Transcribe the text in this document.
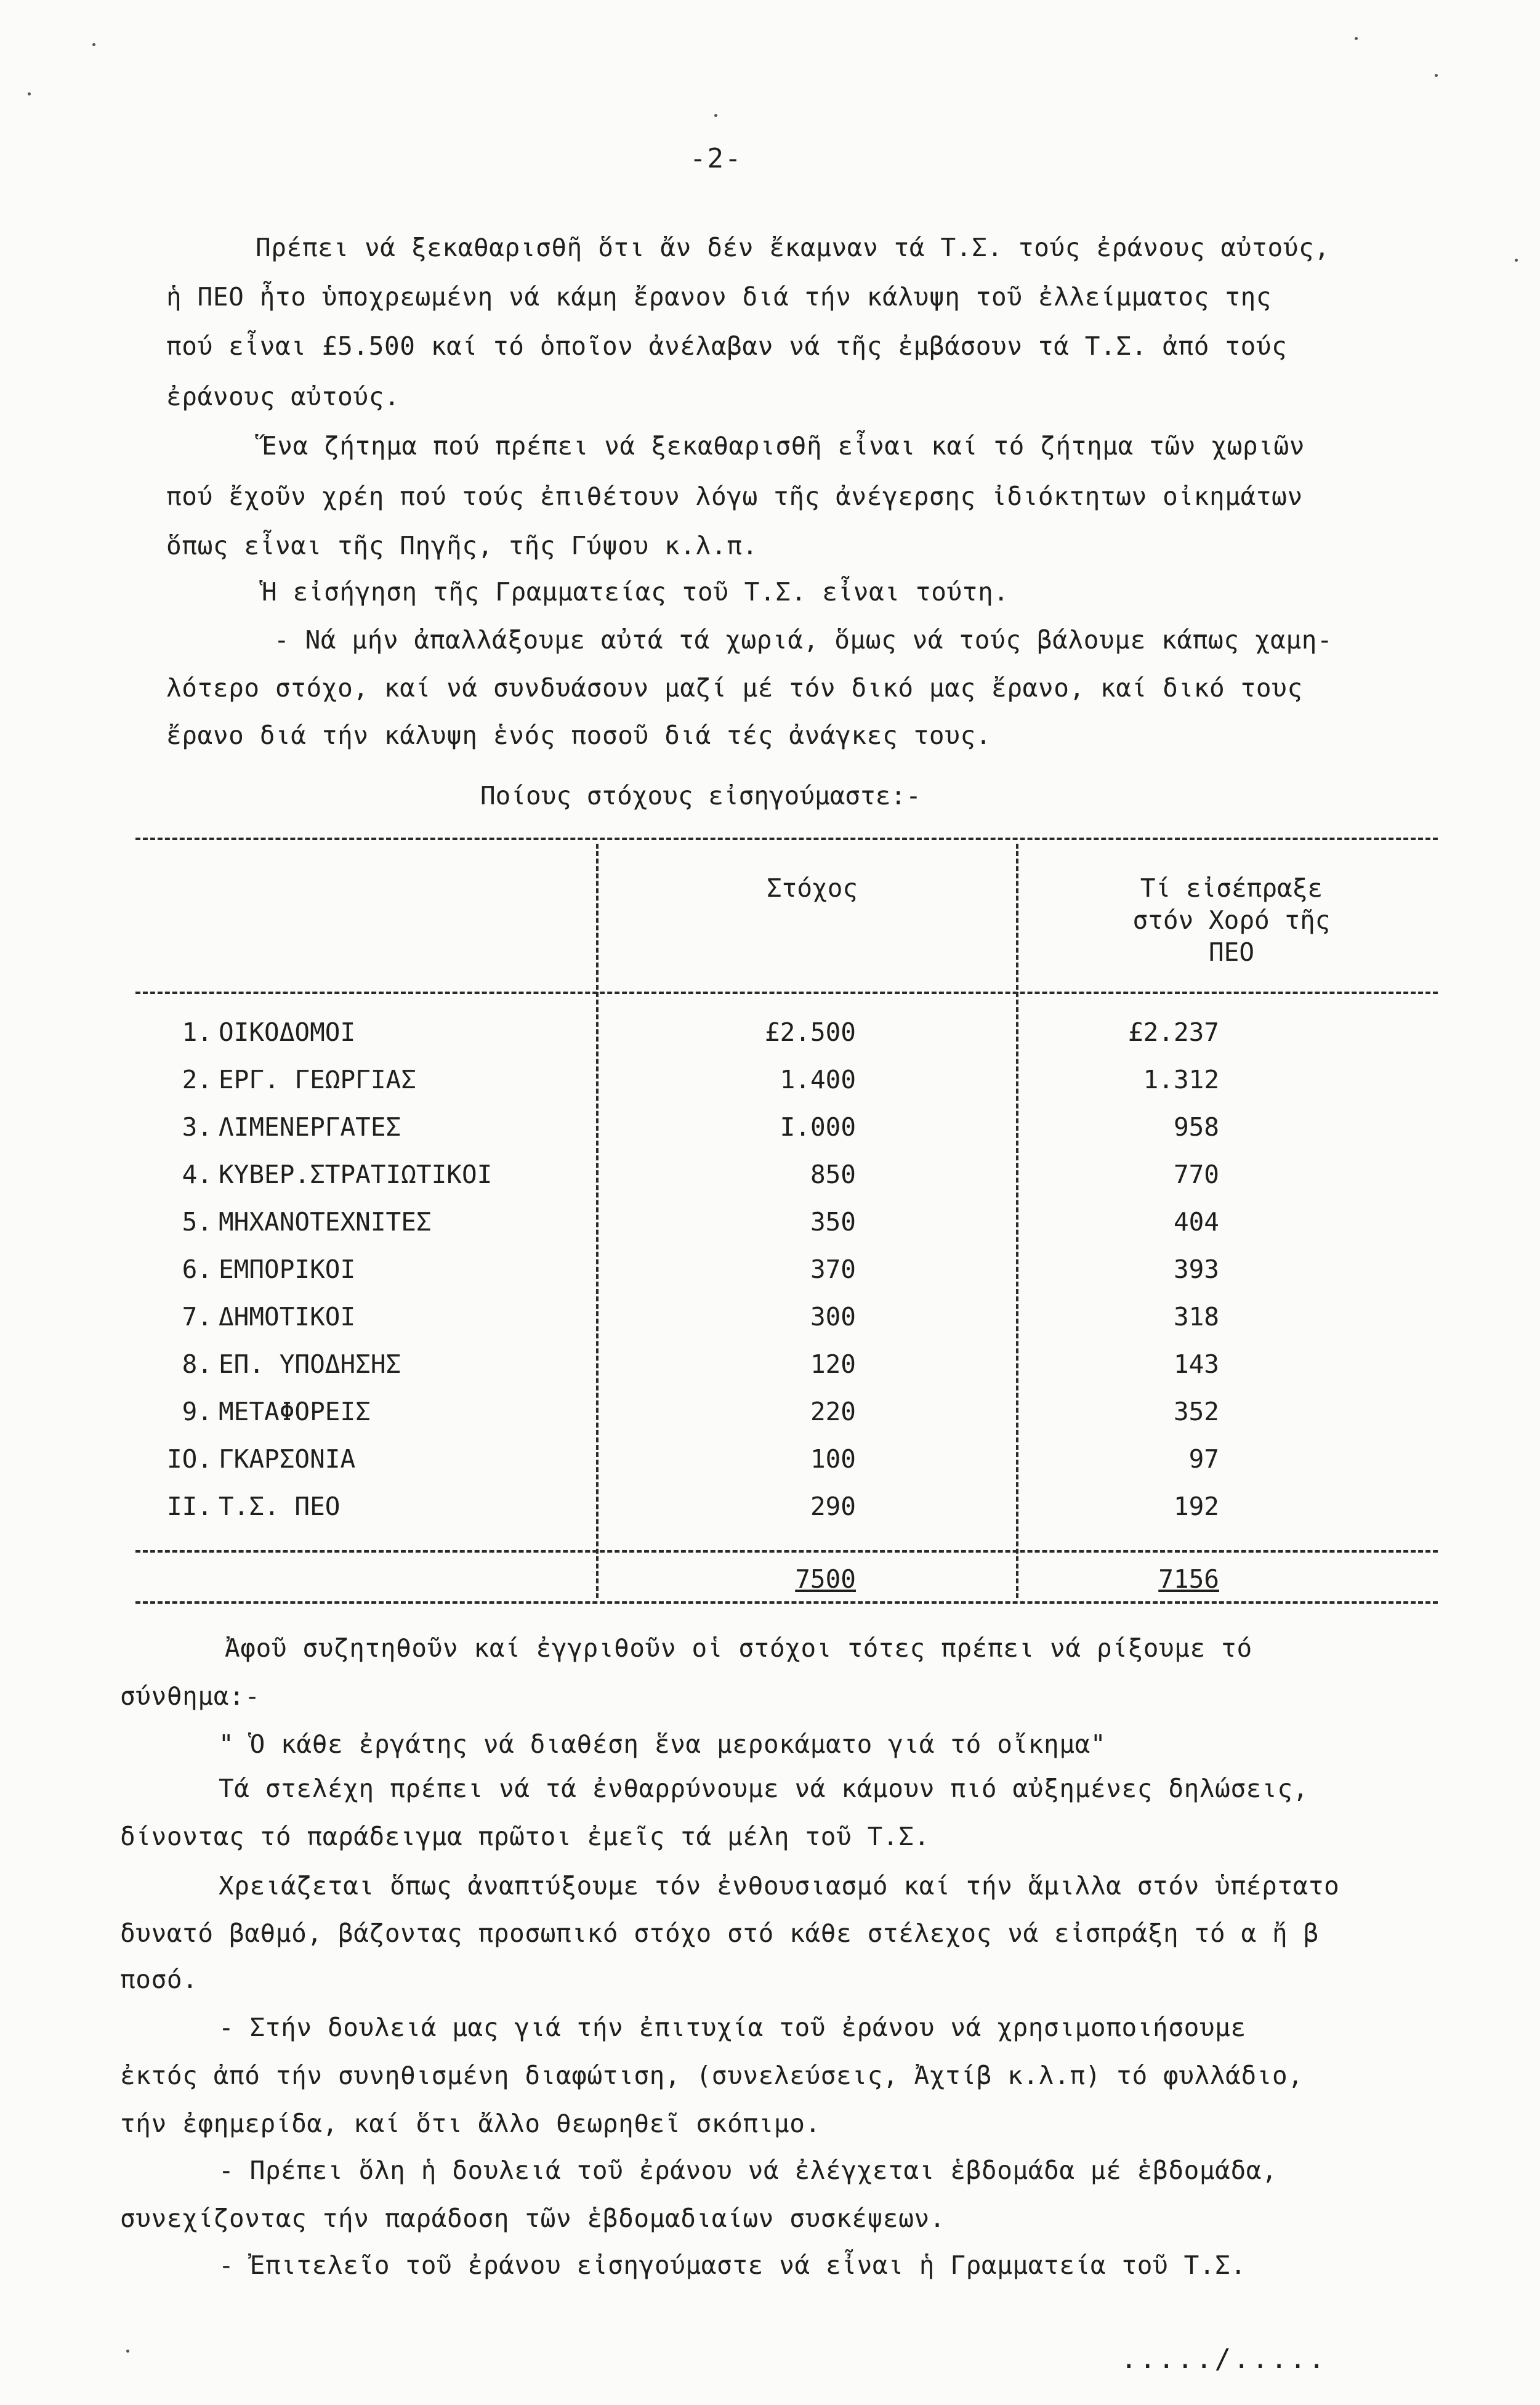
-2-
Πρέπει νά ξεκαθαρισθῆ ὅτι ἄν δέν ἔκαμναν τά Τ.Σ. τούς ἐράνους αὐτούς,
ἡ ΠΕΟ ἦτο ὑποχρεωμένη νά κάμη ἔρανον διά τήν κάλυψη τοῦ ἐλλείμματος της
πού εἶναι £5.500 καί τό ὁποῖον ἀνέλαβαν νά τῆς ἐμβάσουν τά Τ.Σ. ἀπό τούς
ἐράνους αὐτούς.
Ἕνα ζήτημα πού πρέπει νά ξεκαθαρισθῆ εἶναι καί τό ζήτημα τῶν χωριῶν
πού ἔχοῦν χρέη πού τούς ἐπιθέτουν λόγω τῆς ἀνέγερσης ἰδιόκτητων οἰκημάτων
ὅπως εἶναι τῆς Πηγῆς, τῆς Γύψου κ.λ.π.
Ἡ εἰσήγηση τῆς Γραμματείας τοῦ Τ.Σ. εἶναι τούτη.
- Νά μήν ἀπαλλάξουμε αὐτά τά χωριά, ὅμως νά τούς βάλουμε κάπως χαμη-
λότερο στόχο, καί νά συνδυάσουν μαζί μέ τόν δικό μας ἔρανο, καί δικό τους
ἔρανο διά τήν κάλυψη ἑνός ποσοῦ διά τές ἀνάγκες τους.
Ποίους στόχους εἰσηγούμαστε:-
Στόχος	Τί εἰσέπραξε
στόν Χορό τῆς
ΠΕΟ
1. ΟΙΚΟΔΟΜΟΙ	£2.500	£2.237
2. ΕΡΓ. ΓΕΩΡΓΙΑΣ	1.400	1.312
3. ΛΙΜΕΝΕΡΓΑΤΕΣ	Ι.000	958
4. ΚΥΒΕΡ.ΣΤΡΑΤΙΩΤΙΚΟΙ	850	770
5. ΜΗΧΑΝΟΤΕΧΝΙΤΕΣ	350	404
6. ΕΜΠΟΡΙΚΟΙ	370	393
7. ΔΗΜΟΤΙΚΟΙ	300	318
8. ΕΠ. ΥΠΟΔΗΣΗΣ	120	143
9. ΜΕΤΑΦΟΡΕΙΣ	220	352
ΙΟ. ΓΚΑΡΣΟΝΙΑ	100	97
ΙΙ. Τ.Σ. ΠΕΟ	290	192
7500	7156
Ἀφοῦ συζητηθοῦν καί ἐγγριθοῦν οἱ στόχοι τότες πρέπει νά ρίξουμε τό
σύνθημα:-
" Ὁ κάθε ἐργάτης νά διαθέση ἕνα μεροκάματο γιά τό οἴκημα"
Τά στελέχη πρέπει νά τά ἐνθαρρύνουμε νά κάμουν πιό αὐξημένες δηλώσεις,
δίνοντας τό παράδειγμα πρῶτοι ἐμεῖς τά μέλη τοῦ Τ.Σ.
Χρειάζεται ὅπως ἀναπτύξουμε τόν ἐνθουσιασμό καί τήν ἅμιλλα στόν ὑπέρτατο
δυνατό βαθμό, βάζοντας προσωπικό στόχο στό κάθε στέλεχος νά εἰσπράξη τό α ἤ β
ποσό.
- Στήν δουλειά μας γιά τήν ἐπιτυχία τοῦ ἐράνου νά χρησιμοποιήσουμε
ἐκτός ἀπό τήν συνηθισμένη διαφώτιση, (συνελεύσεις, Ἀχτίβ κ.λ.π) τό φυλλάδιο,
τήν ἐφημερίδα, καί ὅτι ἄλλο θεωρηθεῖ σκόπιμο.
- Πρέπει ὅλη ἡ δουλειά τοῦ ἐράνου νά ἐλέγχεται ἑβδομάδα μέ ἑβδομάδα,
συνεχίζοντας τήν παράδοση τῶν ἑβδομαδιαίων συσκέψεων.
- Ἐπιτελεῖο τοῦ ἐράνου εἰσηγούμαστε νά εἶναι ἡ Γραμματεία τοῦ Τ.Σ.
...../.....
